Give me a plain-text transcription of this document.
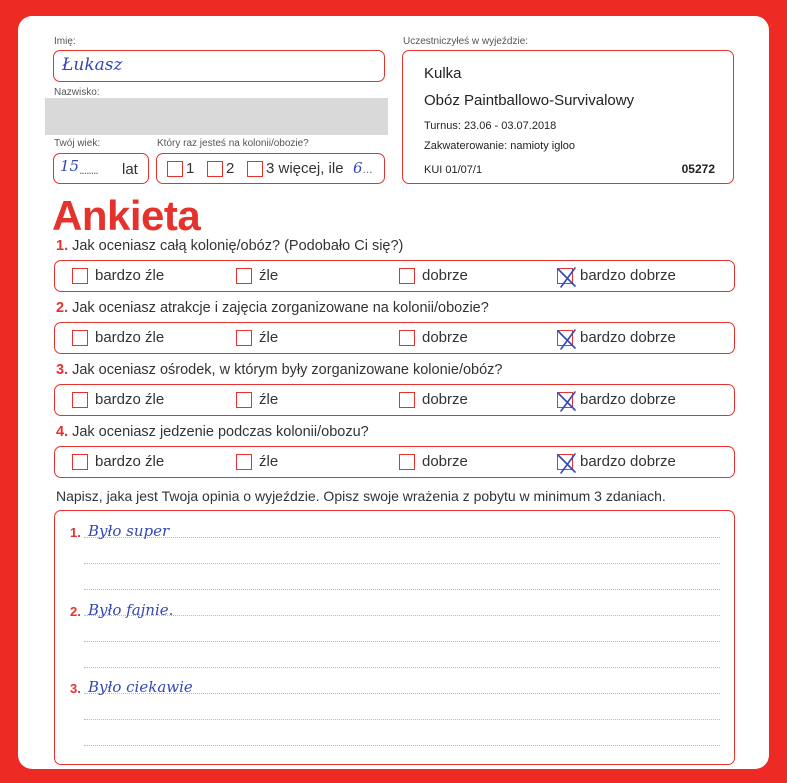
Imię:
Łukasz
Nazwisko:
Twój wiek:
15........ lat
Który raz jesteś na kolonii/obozie?
1 2 3 więcej, ile 6...
Uczestniczyłeś w wyjeździe:
Kulka
Obóz Paintballowo-Survivalowy
Turnus: 23.06 - 03.07.2018
Zakwaterowanie: namioty igloo
KUI 01/07/1	05272
Ankieta
1. Jak oceniasz całą kolonię/obóz? (Podobało Ci się?)
bardzo źle	źle	dobrze	bardzo dobrze
2. Jak oceniasz atrakcje i zajęcia zorganizowane na kolonii/obozie?
bardzo źle	źle	dobrze	bardzo dobrze
3. Jak oceniasz ośrodek, w którym były zorganizowane kolonie/obóz?
bardzo źle	źle	dobrze	bardzo dobrze
4. Jak oceniasz jedzenie podczas kolonii/obozu?
bardzo źle	źle	dobrze	bardzo dobrze
Napisz, jaka jest Twoja opinia o wyjeździe. Opisz swoje wrażenia z pobytu w minimum 3 zdaniach.
1. Było super
2. Było fajnie.
3. Było ciekawie
